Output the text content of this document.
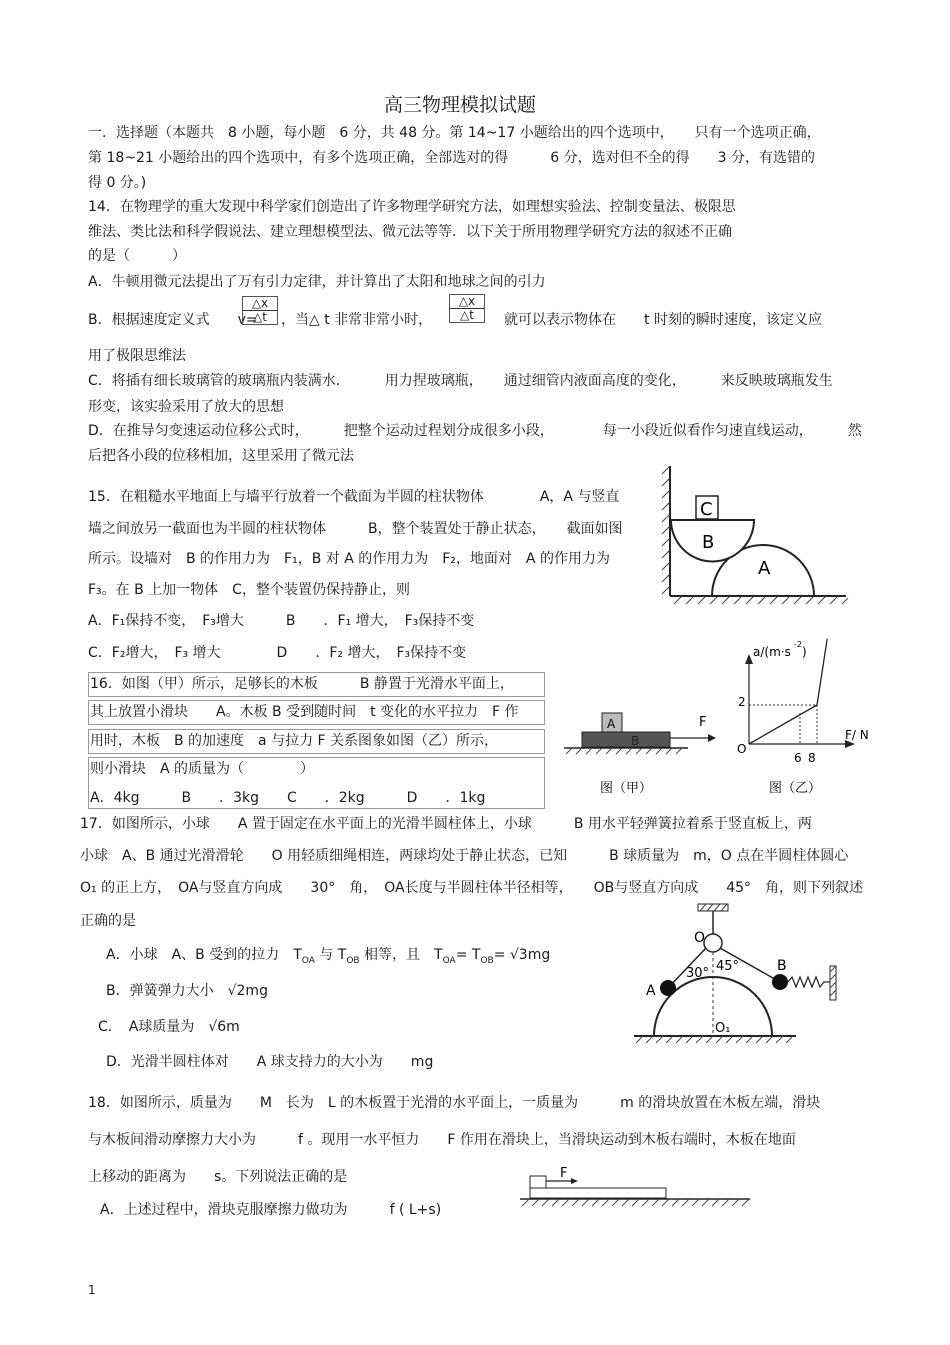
高三物理模拟试题
一．选择题（本题共　8 小题，每小题　6 分，共 48 分。第 14~17 小题给出的四个选项中，　　只有一个选项正确，
第 18~21 小题给出的四个选项中，有多个选项正确，全部选对的得　　　6 分，选对但不全的得　　3 分，有选错的
得 0 分。)
14．在物理学的重大发现中科学家们创造出了许多物理学研究方法，如理想实验法、控制变量法、极限思
维法、类比法和科学假说法、建立理想模型法、微元法等等．以下关于所用物理学研究方法的叙述不正确
的是（　　　）
A．牛顿用微元法提出了万有引力定律，并计算出了太阳和地球之间的引力
B．根据速度定义式　　v=
$\frac{\triangle x}{\triangle t}$ ，当△ t 非常非常小时， $\frac{\triangle x}{\triangle t}$ 就可以表示物体在　　t 时刻的瞬时速度，该定义应
用了极限思维法
C．将插有细长玻璃管的玻璃瓶内装满水．　　　用力捏玻璃瓶，　　通过细管内液面高度的变化，　　　来反映玻璃瓶发生
形变，该实验采用了放大的思想
D．在推导匀变速运动位移公式时，　　　把整个运动过程划分成很多小段，　　　　每一小段近似看作匀速直线运动，　　　然
后把各小段的位移相加，这里采用了微元法
15．在粗糙水平地面上与墙平行放着一个截面为半圆的柱状物体　　　　A，A 与竖直
墙之间放另一截面也为半圆的柱状物体　　　B，整个装置处于静止状态，　　截面如图
所示。设墙对　B 的作用力为　F₁，B 对 A 的作用力为　F₂，地面对　A 的作用力为
F₃。在 B 上加一物体　C，整个装置仍保持静止，则
A．F₁保持不变，　F₃增大　　　B　　．F₁ 增大，　F₃保持不变
C．F₂增大，　F₃ 增大　　　　D　　．F₂ 增大，　F₃保持不变
C
B
A
16．如图（甲）所示，足够长的木板　　　B 静置于光滑水平面上，
其上放置小滑块　　A。木板 B 受到随时间　t 变化的水平拉力　F 作
用时，木板　B 的加速度　a 与拉力 F 关系图象如图（乙）所示，
则小滑块　A 的质量为（　　　　）
A．4kg　　　B　　．3kg　　C　　．2kg　　　D　　．1kg
A
B
F
图（甲）
a/(m·s
-2
)
F/ N
O
2
6 8
图（乙）
17．如图所示，小球　　A 置于固定在水平面上的光滑半圆柱体上，小球　　　B 用水平轻弹簧拉着系于竖直板上，两
小球　A、B 通过光滑滑轮　　O 用轻质细绳相连，两球均处于静止状态，已知　　　B 球质量为　m，O 点在半圆柱体圆心
O₁ 的正上方，　OA与竖直方向成　　30°　角，　OA长度与半圆柱体半径相等，　　OB与竖直方向成　　45°　角，则下列叙述
正确的是
A．小球　A、B 受到的拉力　$T_{OA}$ 与 $T_{OB}$ 相等，且　$T_{OA}= T_{OB}= √3mg$
B．弹簧弹力大小　√2mg
C．　A球质量为　√6m
D．光滑半圆柱体对　　A 球支持力的大小为　　mg
O
A
B
30° 45°
O₁
18．如图所示，质量为　　M　长为　L 的木板置于光滑的水平面上，一质量为　　　m 的滑块放置在木板左端，滑块
与木板间滑动摩擦力大小为　　　f 。现用一水平恒力　　F 作用在滑块上，当滑块运动到木板右端时，木板在地面
上移动的距离为　　s。下列说法正确的是
A．上述过程中，滑块克服摩擦力做功为　　　f ( L+s)
F
1
